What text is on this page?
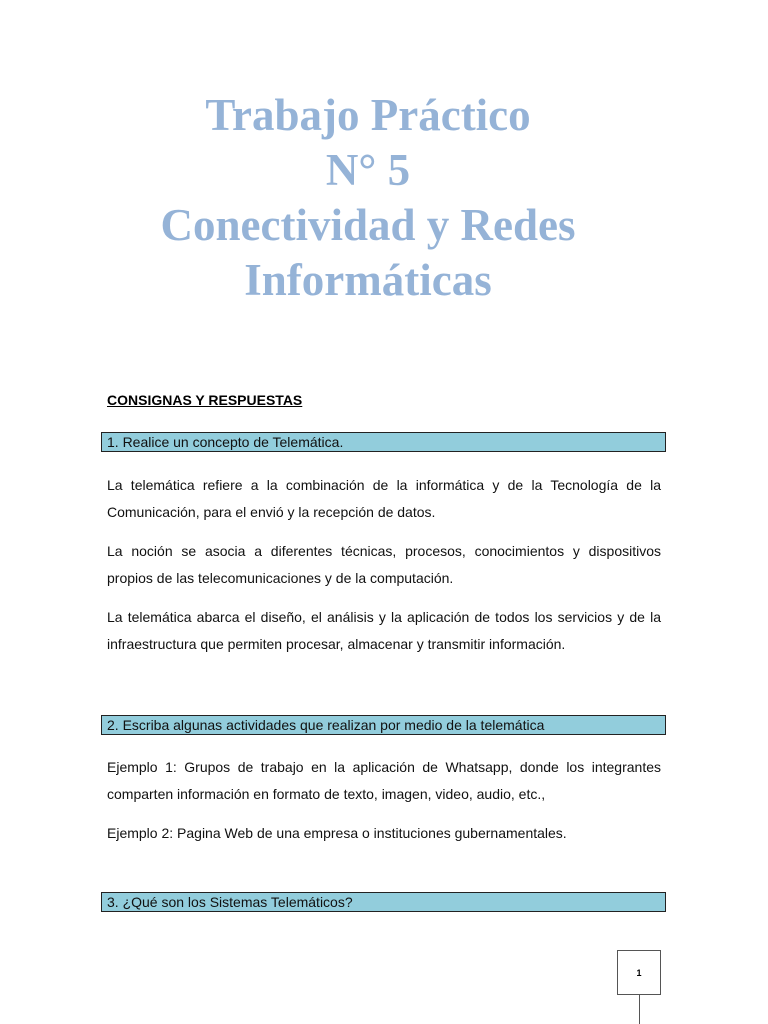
Trabajo Práctico
N° 5
Conectividad y Redes
Informáticas
CONSIGNAS Y RESPUESTAS
1. Realice un concepto de Telemática.
La telemática refiere a la combinación de la informática y de la Tecnología de la Comunicación, para el envió y la recepción de datos.
La noción se asocia a diferentes técnicas, procesos, conocimientos y dispositivos propios de las telecomunicaciones y de la computación.
La telemática abarca el diseño, el análisis y la aplicación de todos los servicios y de la infraestructura que permiten procesar, almacenar y transmitir información.
2. Escriba algunas actividades que realizan por medio de la telemática
Ejemplo 1: Grupos de trabajo en la aplicación de Whatsapp, donde los integrantes comparten información en formato de texto, imagen, video, audio, etc.,
Ejemplo 2: Pagina Web de una empresa o instituciones gubernamentales.
3. ¿Qué son los Sistemas Telemáticos?
1
